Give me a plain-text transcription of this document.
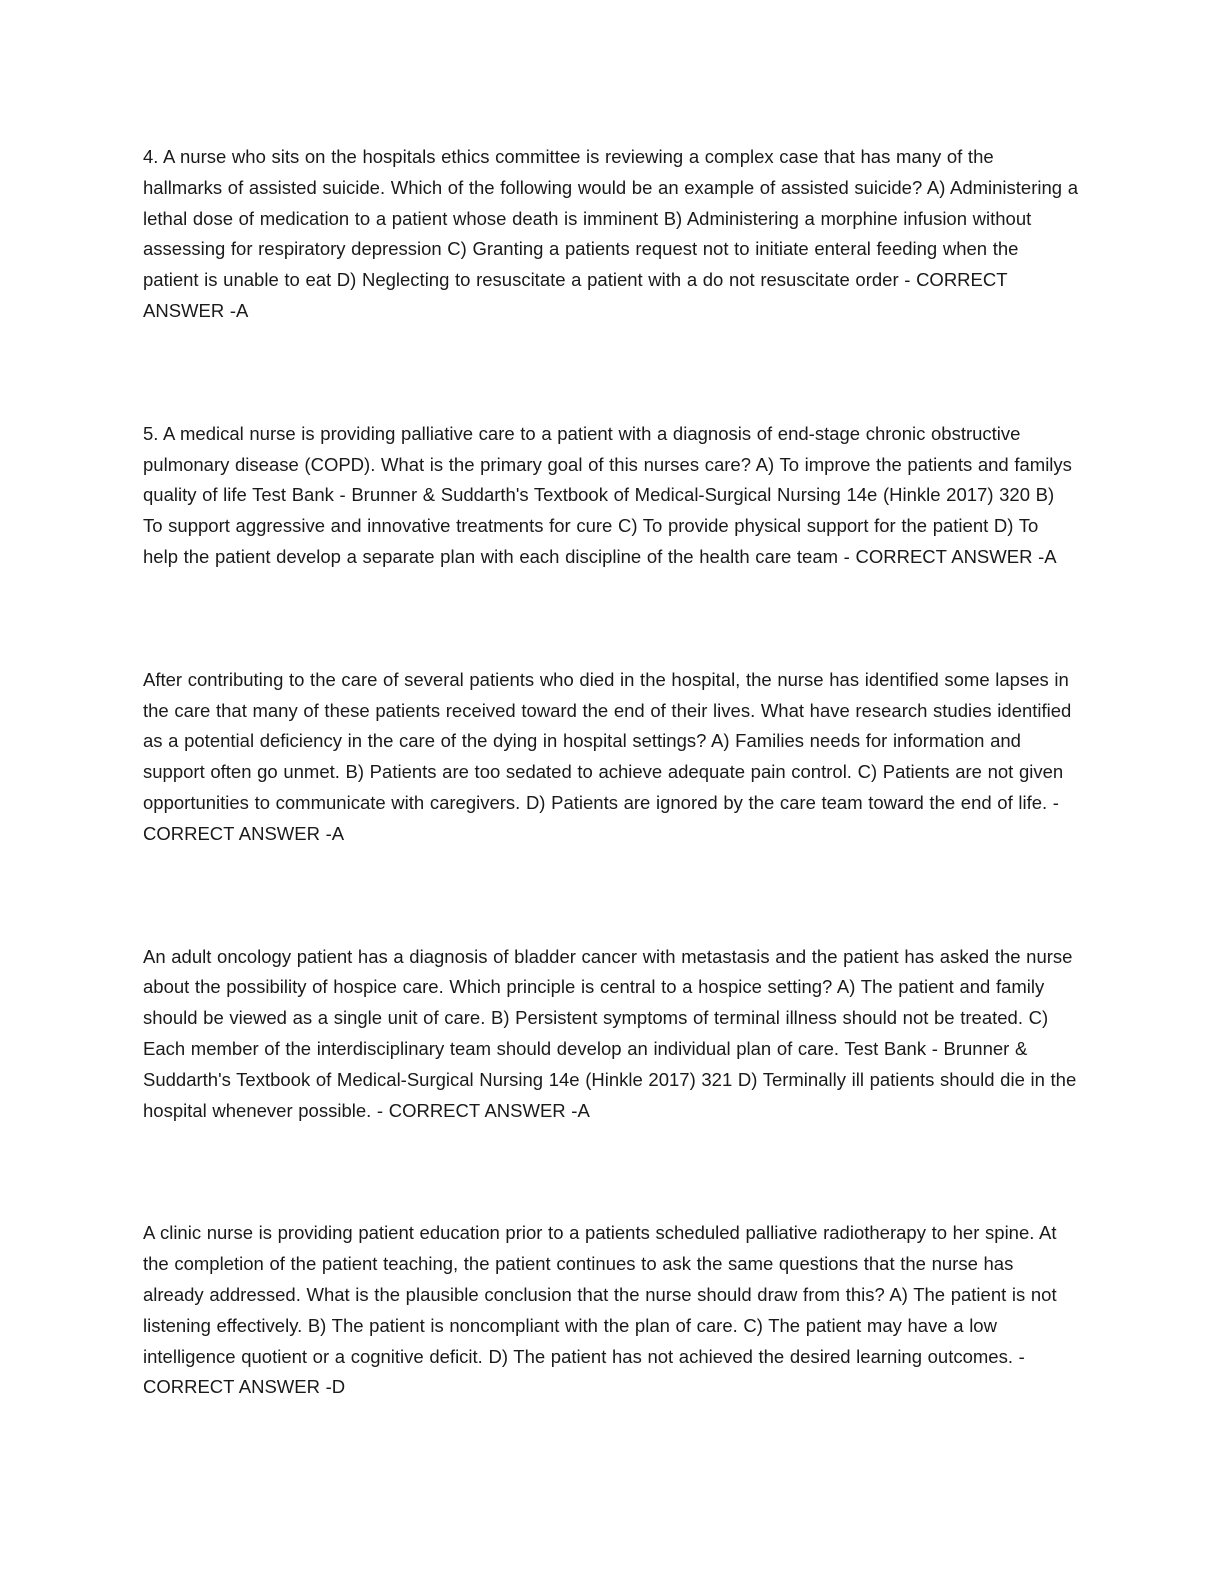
4. A nurse who sits on the hospitals ethics committee is reviewing a complex case that has many of the hallmarks of assisted suicide. Which of the following would be an example of assisted suicide? A) Administering a lethal dose of medication to a patient whose death is imminent B) Administering a morphine infusion without assessing for respiratory depression C) Granting a patients request not to initiate enteral feeding when the patient is unable to eat D) Neglecting to resuscitate a patient with a do not resuscitate order - CORRECT ANSWER -A

5. A medical nurse is providing palliative care to a patient with a diagnosis of end-stage chronic obstructive pulmonary disease (COPD). What is the primary goal of this nurses care? A) To improve the patients and familys quality of life Test Bank - Brunner & Suddarth's Textbook of Medical-Surgical Nursing 14e (Hinkle 2017) 320 B) To support aggressive and innovative treatments for cure C) To provide physical support for the patient D) To help the patient develop a separate plan with each discipline of the health care team - CORRECT ANSWER -A

After contributing to the care of several patients who died in the hospital, the nurse has identified some lapses in the care that many of these patients received toward the end of their lives. What have research studies identified as a potential deficiency in the care of the dying in hospital settings? A) Families needs for information and support often go unmet. B) Patients are too sedated to achieve adequate pain control. C) Patients are not given opportunities to communicate with caregivers. D) Patients are ignored by the care team toward the end of life. - CORRECT ANSWER -A

An adult oncology patient has a diagnosis of bladder cancer with metastasis and the patient has asked the nurse about the possibility of hospice care. Which principle is central to a hospice setting? A) The patient and family should be viewed as a single unit of care. B) Persistent symptoms of terminal illness should not be treated. C) Each member of the interdisciplinary team should develop an individual plan of care. Test Bank - Brunner & Suddarth's Textbook of Medical-Surgical Nursing 14e (Hinkle 2017) 321 D) Terminally ill patients should die in the hospital whenever possible. - CORRECT ANSWER -A

A clinic nurse is providing patient education prior to a patients scheduled palliative radiotherapy to her spine. At the completion of the patient teaching, the patient continues to ask the same questions that the nurse has already addressed. What is the plausible conclusion that the nurse should draw from this? A) The patient is not listening effectively. B) The patient is noncompliant with the plan of care. C) The patient may have a low intelligence quotient or a cognitive deficit. D) The patient has not achieved the desired learning outcomes. - CORRECT ANSWER -D
